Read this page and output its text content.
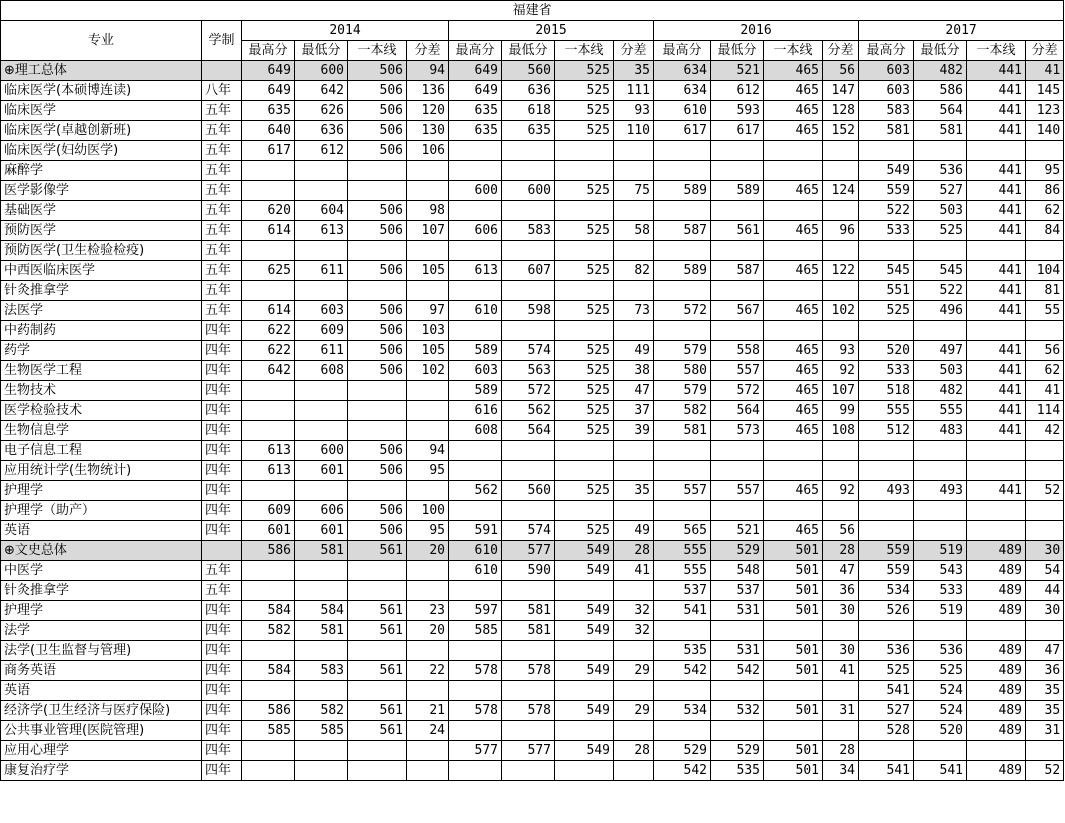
福建省																	
专业	学制	2014				2015				2016				2017			
		最高分	最低分	一本线	分差	最高分	最低分	一本线	分差	最高分	最低分	一本线	分差	最高分	最低分	一本线	分差
⊕理工总体		649	600	506	94	649	560	525	35	634	521	465	56	603	482	441	41
临床医学(本硕博连读)	八年	649	642	506	136	649	636	525	111	634	612	465	147	603	586	441	145
临床医学	五年	635	626	506	120	635	618	525	93	610	593	465	128	583	564	441	123
临床医学(卓越创新班)	五年	640	636	506	130	635	635	525	110	617	617	465	152	581	581	441	140
临床医学(妇幼医学)	五年	617	612	506	106												
麻醉学	五年													549	536	441	95
医学影像学	五年					600	600	525	75	589	589	465	124	559	527	441	86
基础医学	五年	620	604	506	98									522	503	441	62
预防医学	五年	614	613	506	107	606	583	525	58	587	561	465	96	533	525	441	84
预防医学(卫生检验检疫)	五年																
中西医临床医学	五年	625	611	506	105	613	607	525	82	589	587	465	122	545	545	441	104
针灸推拿学	五年													551	522	441	81
法医学	五年	614	603	506	97	610	598	525	73	572	567	465	102	525	496	441	55
中药制药	四年	622	609	506	103												
药学	四年	622	611	506	105	589	574	525	49	579	558	465	93	520	497	441	56
生物医学工程	四年	642	608	506	102	603	563	525	38	580	557	465	92	533	503	441	62
生物技术	四年					589	572	525	47	579	572	465	107	518	482	441	41
医学检验技术	四年					616	562	525	37	582	564	465	99	555	555	441	114
生物信息学	四年					608	564	525	39	581	573	465	108	512	483	441	42
电子信息工程	四年	613	600	506	94												
应用统计学(生物统计)	四年	613	601	506	95												
护理学	四年					562	560	525	35	557	557	465	92	493	493	441	52
护理学（助产）	四年	609	606	506	100												
英语	四年	601	601	506	95	591	574	525	49	565	521	465	56				
⊕文史总体		586	581	561	20	610	577	549	28	555	529	501	28	559	519	489	30
中医学	五年					610	590	549	41	555	548	501	47	559	543	489	54
针灸推拿学	五年									537	537	501	36	534	533	489	44
护理学	四年	584	584	561	23	597	581	549	32	541	531	501	30	526	519	489	30
法学	四年	582	581	561	20	585	581	549	32								
法学(卫生监督与管理)	四年									535	531	501	30	536	536	489	47
商务英语	四年	584	583	561	22	578	578	549	29	542	542	501	41	525	525	489	36
英语	四年													541	524	489	35
经济学(卫生经济与医疗保险)	四年	586	582	561	21	578	578	549	29	534	532	501	31	527	524	489	35
公共事业管理(医院管理)	四年	585	585	561	24									528	520	489	31
应用心理学	四年					577	577	549	28	529	529	501	28				
康复治疗学	四年									542	535	501	34	541	541	489	52
